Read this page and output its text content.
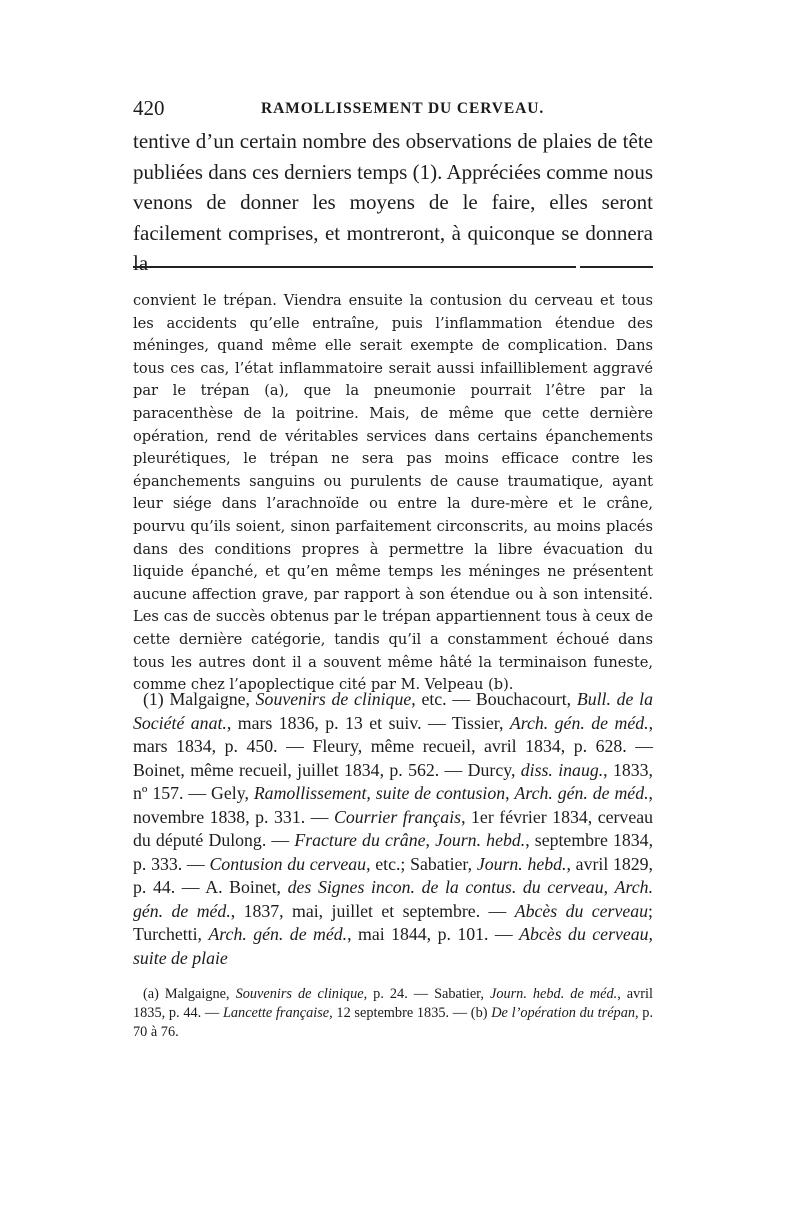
420	RAMOLLISSEMENT DU CERVEAU.

tentive d’un certain nombre des observations de plaies de tête publiées dans ces derniers temps (1). Appréciées comme nous venons de donner les moyens de le faire, elles seront facilement comprises, et montreront, à quiconque se donnera la

convient le trépan. Viendra ensuite la contusion du cerveau et tous les accidents qu’elle entraîne, puis l’inflammation étendue des méninges, quand même elle serait exempte de complication. Dans tous ces cas, l’état inflammatoire serait aussi infailliblement aggravé par le trépan (a), que la pneumonie pourrait l’être par la paracenthèse de la poitrine. Mais, de même que cette dernière opération, rend de véritables services dans certains épanchements pleurétiques, le trépan ne sera pas moins efficace contre les épanchements sanguins ou purulents de cause traumatique, ayant leur siége dans l’arachnoïde ou entre la dure-mère et le crâne, pourvu qu’ils soient, sinon parfaitement circonscrits, au moins placés dans des conditions propres à permettre la libre évacuation du liquide épanché, et qu’en même temps les méninges ne présentent aucune affection grave, par rapport à son étendue ou à son intensité. Les cas de succès obtenus par le trépan appartiennent tous à ceux de cette dernière catégorie, tandis qu’il a constamment échoué dans tous les autres dont il a souvent même hâté la terminaison funeste, comme chez l’apoplectique cité par M. Velpeau (b).

(1) Malgaigne, Souvenirs de clinique, etc. — Bouchacourt, Bull. de la Société anat., mars 1836, p. 13 et suiv. — Tissier, Arch. gén. de méd., mars 1834, p. 450. — Fleury, même recueil, avril 1834, p. 628. — Boinet, même recueil, juillet 1834, p. 562. — Durcy, diss. inaug., 1833, nº 157. — Gely, Ramollissement, suite de contusion, Arch. gén. de méd., novembre 1838, p. 331. — Courrier français, 1er février 1834, cerveau du député Dulong. — Fracture du crâne, Journ. hebd., septembre 1834, p. 333. — Contusion du cerveau, etc.; Sabatier, Journ. hebd., avril 1829, p. 44. — A. Boinet, des Signes incon. de la contus. du cerveau, Arch. gén. de méd., 1837, mai, juillet et septembre. — Abcès du cerveau; Turchetti, Arch. gén. de méd., mai 1844, p. 101. — Abcès du cerveau, suite de plaie

(a) Malgaigne, Souvenirs de clinique, p. 24. — Sabatier, Journ. hebd. de méd., avril 1835, p. 44. — Lancette française, 12 septembre 1835. — (b) De l’opération du trépan, p. 70 à 76.
